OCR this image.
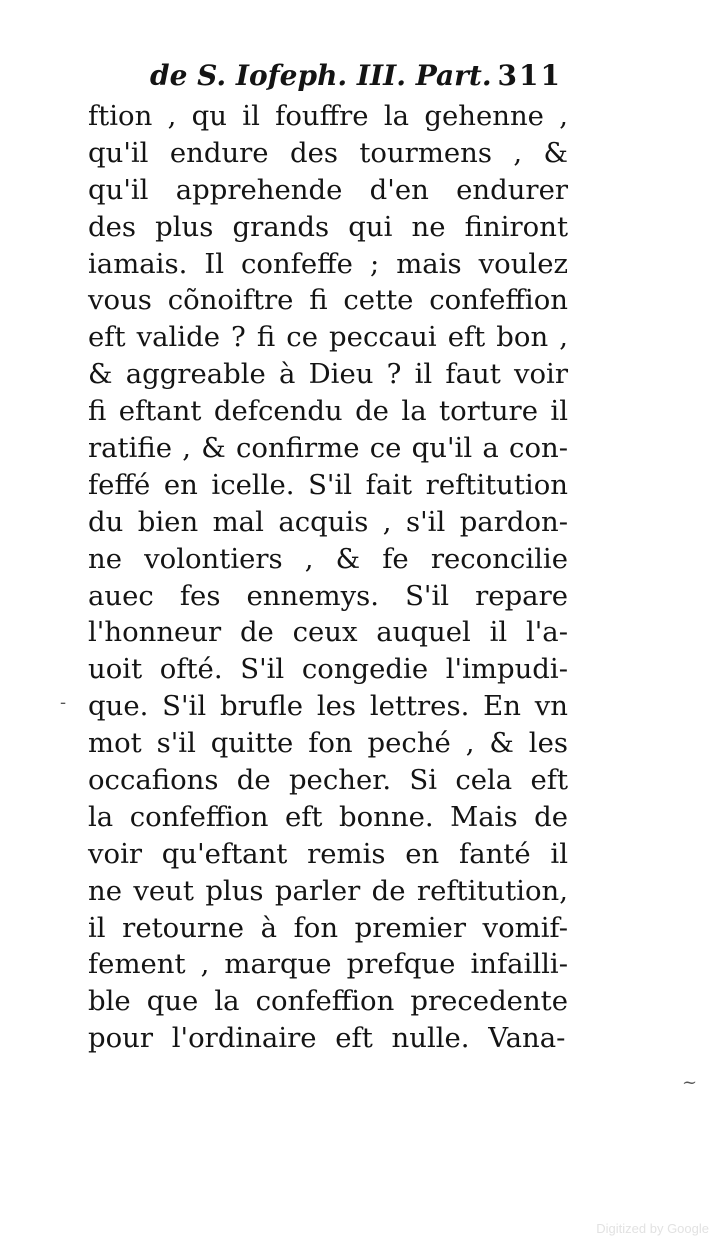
de S. Iofeph. III. Part. 311
ftion , qu il fouffre la gehenne ,
qu'il endure des tourmens , &
qu'il apprehende d'en endurer
des plus grands qui ne finiront
iamais. Il confeffe ; mais voulez
vous cõnoiftre fi cette confeffion
eft valide ? fi ce peccaui eft bon ,
& aggreable à Dieu ? il faut voir
fi eftant defcendu de la torture il
ratifie , & confirme ce qu'il a con-
feffé en icelle. S'il fait reftitution
du bien mal acquis , s'il pardon-
ne volontiers , & fe reconcilie
auec fes ennemys. S'il repare
l'honneur de ceux auquel il l'a-
uoit ofté. S'il congedie l'impudi-
que. S'il brufle les lettres. En vn
mot s'il quitte fon peché , & les
occafions de pecher. Si cela eft
la confeffion eft bonne. Mais de
voir qu'eftant remis en fanté il
ne veut plus parler de reftitution,
il retourne à fon premier vomif-
fement , marque prefque infailli-
ble que la confeffion precedente
pour l'ordinaire eft nulle. Vana-
-
~
Digitized by Google
